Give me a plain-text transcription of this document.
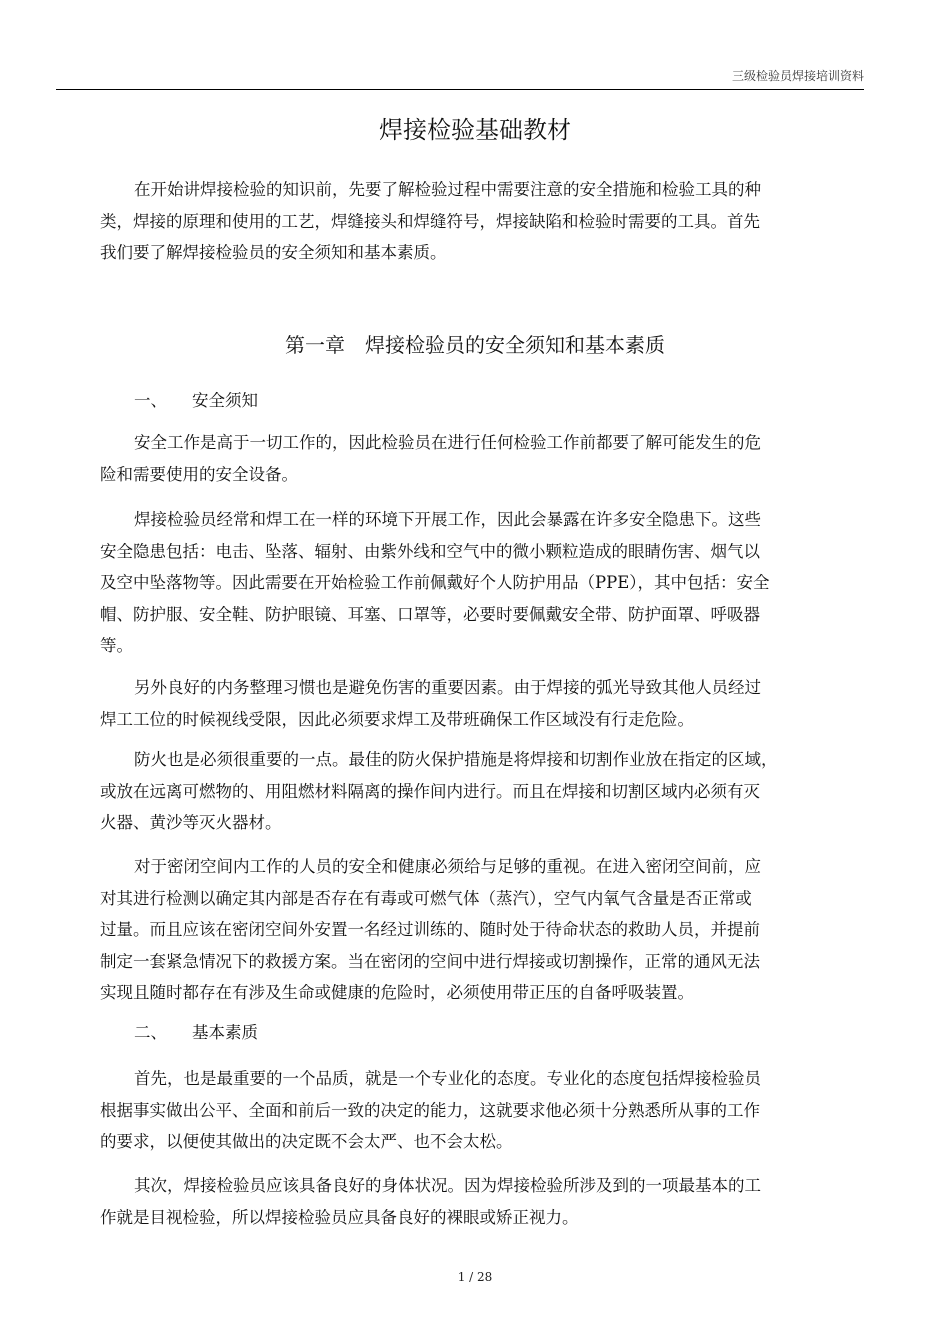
三级检验员焊接培训资料
焊接检验基础教材
在开始讲焊接检验的知识前，先要了解检验过程中需要注意的安全措施和检验工具的种
类，焊接的原理和使用的工艺，焊缝接头和焊缝符号，焊接缺陷和检验时需要的工具。首先
我们要了解焊接检验员的安全须知和基本素质。
第一章　焊接检验员的安全须知和基本素质
一、 安全须知
安全工作是高于一切工作的，因此检验员在进行任何检验工作前都要了解可能发生的危
险和需要使用的安全设备。
焊接检验员经常和焊工在一样的环境下开展工作，因此会暴露在许多安全隐患下。这些
安全隐患包括：电击、坠落、辐射、由紫外线和空气中的微小颗粒造成的眼睛伤害、烟气以
及空中坠落物等。因此需要在开始检验工作前佩戴好个人防护用品（PPE），其中包括：安全
帽、防护服、安全鞋、防护眼镜、耳塞、口罩等，必要时要佩戴安全带、防护面罩、呼吸器
等。
另外良好的内务整理习惯也是避免伤害的重要因素。由于焊接的弧光导致其他人员经过
焊工工位的时候视线受限，因此必须要求焊工及带班确保工作区域没有行走危险。
防火也是必须很重要的一点。最佳的防火保护措施是将焊接和切割作业放在指定的区域，
或放在远离可燃物的、用阻燃材料隔离的操作间内进行。而且在焊接和切割区域内必须有灭
火器、黄沙等灭火器材。
对于密闭空间内工作的人员的安全和健康必须给与足够的重视。在进入密闭空间前，应
对其进行检测以确定其内部是否存在有毒或可燃气体（蒸汽），空气内氧气含量是否正常或
过量。而且应该在密闭空间外安置一名经过训练的、随时处于待命状态的救助人员，并提前
制定一套紧急情况下的救援方案。当在密闭的空间中进行焊接或切割操作，正常的通风无法
实现且随时都存在有涉及生命或健康的危险时，必须使用带正压的自备呼吸装置。
二、 基本素质
首先，也是最重要的一个品质，就是一个专业化的态度。专业化的态度包括焊接检验员
根据事实做出公平、全面和前后一致的决定的能力，这就要求他必须十分熟悉所从事的工作
的要求，以便使其做出的决定既不会太严、也不会太松。
其次，焊接检验员应该具备良好的身体状况。因为焊接检验所涉及到的一项最基本的工
作就是目视检验，所以焊接检验员应具备良好的裸眼或矫正视力。
1 / 28
